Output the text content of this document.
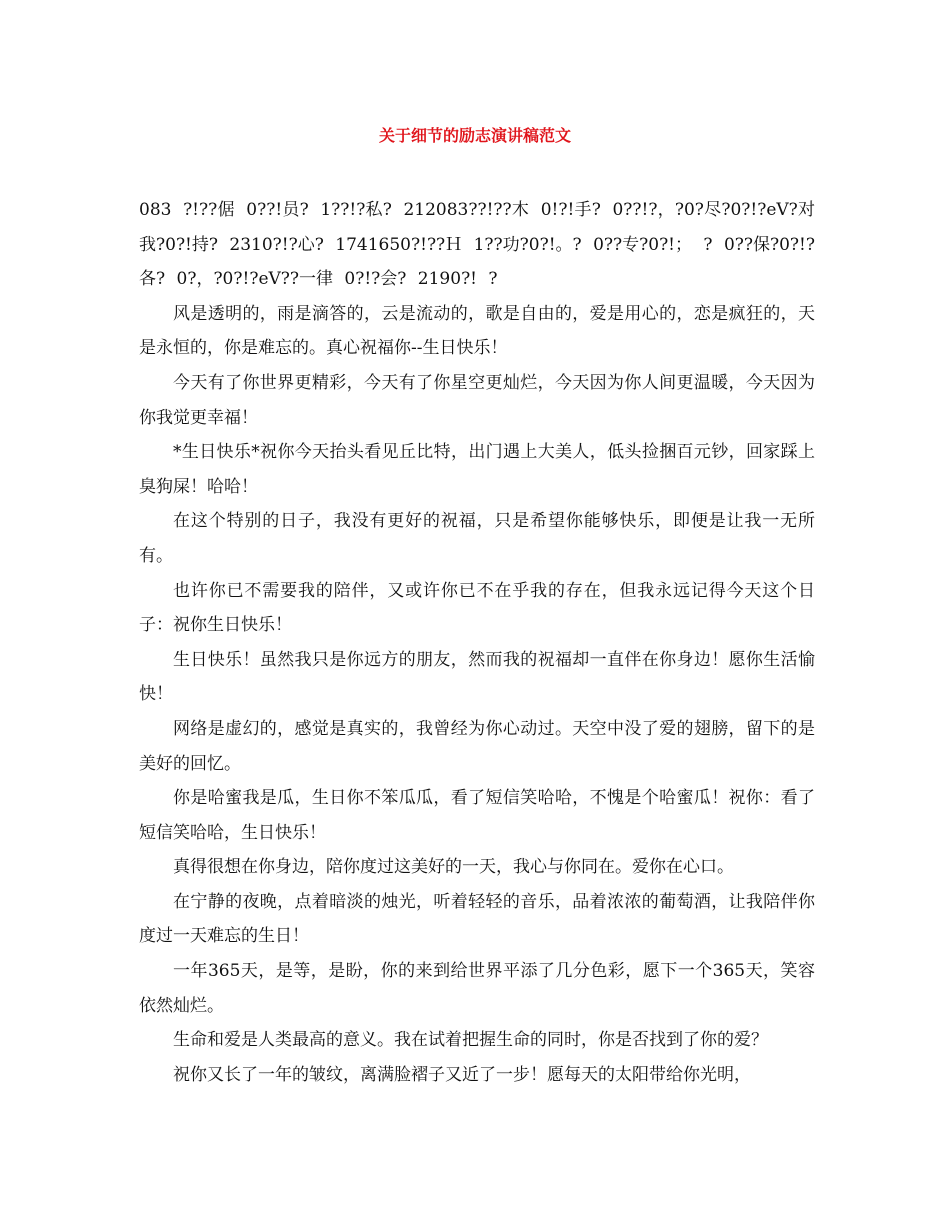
关于细节的励志演讲稿范文

083 ?!??倨 0??!员? 1??!?私? 212083??!??木 0!?!手? 0??!?，?0?尽?0?!?eV?对我?0?!持? 2310?!?心? 1741650?!??Ｈ 1??功?0?!。? 0??专?0?!； ? 0??保?0?!?各? 0?，?0?!?eV??一律 0?!?会? 2190?! ?

风是透明的，雨是滴答的，云是流动的，歌是自由的，爱是用心的，恋是疯狂的，天是永恒的，你是难忘的。真心祝福你--生日快乐！

今天有了你世界更精彩，今天有了你星空更灿烂，今天因为你人间更温暖，今天因为你我觉更幸福！

*生日快乐*祝你今天抬头看见丘比特，出门遇上大美人，低头捡捆百元钞，回家踩上臭狗屎！哈哈！

在这个特别的日子，我没有更好的祝福，只是希望你能够快乐，即便是让我一无所有。

也许你已不需要我的陪伴，又或许你已不在乎我的存在，但我永远记得今天这个日子：祝你生日快乐！

生日快乐！虽然我只是你远方的朋友，然而我的祝福却一直伴在你身边！愿你生活愉快！

网络是虚幻的，感觉是真实的，我曾经为你心动过。天空中没了爱的翅膀，留下的是美好的回忆。

你是哈蜜我是瓜，生日你不笨瓜瓜，看了短信笑哈哈，不愧是个哈蜜瓜！祝你：看了短信笑哈哈，生日快乐！

真得很想在你身边，陪你度过这美好的一天，我心与你同在。爱你在心口。

在宁静的夜晚，点着暗淡的烛光，听着轻轻的音乐，品着浓浓的葡萄酒，让我陪伴你度过一天难忘的生日！

一年365天，是等，是盼，你的来到给世界平添了几分色彩，愿下一个365天，笑容依然灿烂。

生命和爱是人类最高的意义。我在试着把握生命的同时，你是否找到了你的爱？

祝你又长了一年的皱纹，离满脸褶子又近了一步！愿每天的太阳带给你光明，
